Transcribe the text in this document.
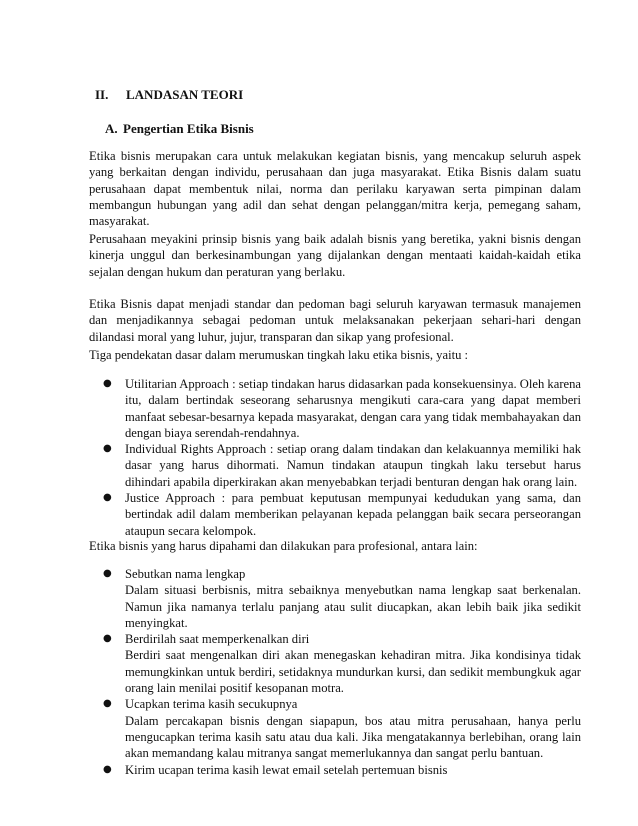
II. LANDASAN TEORI
A. Pengertian Etika Bisnis

Etika bisnis merupakan cara untuk melakukan kegiatan bisnis, yang mencakup seluruh aspek yang berkaitan dengan individu, perusahaan dan juga masyarakat. Etika Bisnis dalam suatu perusahaan dapat membentuk nilai, norma dan perilaku karyawan serta pimpinan dalam membangun hubungan yang adil dan sehat dengan pelanggan/mitra kerja, pemegang saham, masyarakat.

Perusahaan meyakini prinsip bisnis yang baik adalah bisnis yang beretika, yakni bisnis dengan kinerja unggul dan berkesinambungan yang dijalankan dengan mentaati kaidah-kaidah etika sejalan dengan hukum dan peraturan yang berlaku.

Etika Bisnis dapat menjadi standar dan pedoman bagi seluruh karyawan termasuk manajemen dan menjadikannya sebagai pedoman untuk melaksanakan pekerjaan sehari-hari dengan dilandasi moral yang luhur, jujur, transparan dan sikap yang profesional.

Tiga pendekatan dasar dalam merumuskan tingkah laku etika bisnis, yaitu :

● Utilitarian Approach : setiap tindakan harus didasarkan pada konsekuensinya. Oleh karena itu, dalam bertindak seseorang seharusnya mengikuti cara-cara yang dapat memberi manfaat sebesar-besarnya kepada masyarakat, dengan cara yang tidak membahayakan dan dengan biaya serendah-rendahnya.
● Individual Rights Approach : setiap orang dalam tindakan dan kelakuannya memiliki hak dasar yang harus dihormati. Namun tindakan ataupun tingkah laku tersebut harus dihindari apabila diperkirakan akan menyebabkan terjadi benturan dengan hak orang lain.
● Justice Approach : para pembuat keputusan mempunyai kedudukan yang sama, dan bertindak adil dalam memberikan pelayanan kepada pelanggan baik secara perseorangan ataupun secara kelompok.

Etika bisnis yang harus dipahami dan dilakukan para profesional, antara lain:

● Sebutkan nama lengkap
Dalam situasi berbisnis, mitra sebaiknya menyebutkan nama lengkap saat berkenalan. Namun jika namanya terlalu panjang atau sulit diucapkan, akan lebih baik jika sedikit menyingkat.
● Berdirilah saat memperkenalkan diri
Berdiri saat mengenalkan diri akan menegaskan kehadiran mitra. Jika kondisinya tidak memungkinkan untuk berdiri, setidaknya mundurkan kursi, dan sedikit membungkuk agar orang lain menilai positif kesopanan motra.
● Ucapkan terima kasih secukupnya
Dalam percakapan bisnis dengan siapapun, bos atau mitra perusahaan, hanya perlu mengucapkan terima kasih satu atau dua kali. Jika mengatakannya berlebihan, orang lain akan memandang kalau mitranya sangat memerlukannya dan sangat perlu bantuan.
● Kirim ucapan terima kasih lewat email setelah pertemuan bisnis
